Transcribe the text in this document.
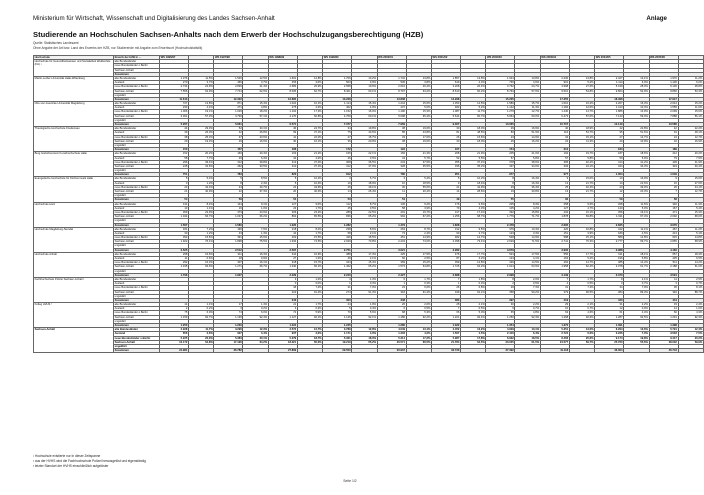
Ministerium für Wirtschaft, Wissenschaft und Digitalisierung des Landes Sachsen-Anhalt	Anlage
Studierende an Hochschulen Sachsen-Anhalts nach dem Erwerb der Hochschulzugangsberechtigung (HZB)
Quelle: Statistisches Landesamt
Ohne Angabe der Art bzw. Land des Erwerbs der HZB, nur Studierende mit Angabe zum Erwerbsort (Hochschulstatistik)
Hochschule	Erwerb der HZB in ...	WS 1996/97		WS 1997/98		WS 1998/99		WS 1999/00		WS 2000/01		WS 2001/02		WS 2002/03		WS 2003/04		WS 2004/05		WS 2005/06	
Hochschule für Gesundheitswesen und Sozialarbeit Weißenfels (FH) ¹	alte Bundesländer																				
	neue Bundesländer o.Berlin																				
	Sachsen-Anhalt																				
	Zusammen																				
Martin-Luther-Universität Halle-Wittenberg	alte Bundesländer	1.376	11,5%	1.546	12,5%	1.601	12,8%	1.706	13,2%	1.742	13,8%	1.857	13,8%	1.944	13,8%	2.230	13,8%	2.427	13,1%	1.970	11,2%
	Ausland	270	3,7%	466	3,7%	456	3,6%	503	3,9%	530	3,8%	619	4,3%	766	4,6%	901	5,2%	1.114	6,0%	1.130	6,0%
	neue Bundesländer o.Berlin	2.734	22,9%	2.836	21,4%	2.683	20,9%	2.658	19,6%	2.616	20,4%	3.208	20,4%	3.762	24,7%	4.998	27,6%	5.199	28,0%	5.136	28,8%
	Sachsen-Anhalt	7.556	62,9%	7.744	62,6%	8.005	62,7%	8.401	63,1%	8.797	63,2%	8.610	60,2%	8.763	57,6%	9.510	54,8%	9.804	52,9%	9.866	53,3%
	ungeklärt																				
	Zusammen	11.613		12.322		12.695		13.228		13.838		14.298		15.235		17.355		18.496		17.917	
Otto-von-Guericke-Universität Magdeburg	alte Bundesländer	727	13,8%	871	15,4%	1.024	16,1%	1.114	15,4%	1.244	15,6%	1.353	14,5%	1.580	15,7%	1.610	16,2%	2.207	16,3%	2.044	15,2%
	Ausland	233	4,4%	271	4,8%	275	4,3%	402	4,9%	437	5,0%	482	5,2%	1.142	11,3%	1.184	12,0%	1.413	10,4%	1.555	11,6%
	neue Bundesländer o.Berlin	1.006	19,1%	1.029	18,2%	1.102	17,3%	1.152	16,0%	1.190	15,3%	1.087	11,7%	1.279	12,7%	1.440	14,7%	1.886	13,9%	2.099	15,6%
	Sachsen-Anhalt	3.301	57,3%	3.790	57,1%	4.170	60,8%	4.709	60,1%	5.098	65,4%	5.644	60,7%	5.964	60,0%	6.473	57,0%	7.143	59,0%	7.888	56,1%
	ungeklärt																				
	Zusammen	5.267		5.661		6.571		7.377		7.969		9.307		10.065		10.707		12.149		13.586	
Theologische Hochschule Friedensau	alte Bundesländer	44	29,3%	52	33,1%	46	24,7%	34	19,8%	38	19,6%	30	18,0%	26	16,9%	40	18,9%	42	22,8%	42	22,2%
	Ausland	39	26,0%	42	26,8%	69	37,1%	75	43,6%	85	43,8%	81	48,5%	80	51,9%	116	54,7%	95	51,6%	91	48,1%
	neue Bundesländer o.Berlin	38	25,3%	37	23,6%	41	22,0%	27	15,7%	33	17,0%	26	15,6%	23	14,9%	32	15,1%	27	14,7%	24	12,7%
	Sachsen-Anhalt	29	19,3%	26	16,6%	30	16,1%	36	20,9%	38	19,6%	30	18,0%	25	16,2%	24	11,3%	20	10,9%	32	16,9%
	ungeklärt																				
	Zusammen	150		157		186		172		194		167		154		212		184		189	
Burg Giebichenstein Kunsthochschule Halle	alte Bundesländer	152	20,2%	160	20,4%	163	21,2%	166	22,1%	166	21,3%	208	21,9%	205	21,0%	192	19,7%	187	18,6%	212	20,2%
	Ausland	58	7,7%	49	6,3%	34	4,3%	26	3,5%	43	5,7%	52	5,5%	57	5,8%	57	5,8%	59	5,9%	79	7,5%
	neue Bundesländer o.Berlin	296	39,4%	312	39,8%	313	37,4%	308	36,5%	243	37,5%	355	37,4%	378	38,6%	395	40,4%	414	41,2%	439	41,9%
	Sachsen-Anhalt	245	32,6%	262	33,5%	310	37,1%	312	37,0%	328	35,5%	336	35,2%	337	34,6%	333	34,1%	344	34,3%	319	30,4%
	ungeklärt																				
	Zusammen	751		783		820		812		780		951		977		977		1.004		1.049	
Evangelische Hochschule für Kirchenmusik Halle	alte Bundesländer	5	5,4%	5	8,5%	5	10,4%	3	5,7%	3	5,4%	5	10,2%	8	16,4%	9	15,0%	10	16,9%	9	15,6%
	Ausland	0	1,2%	8	2,4%	5	10,4%	10	18,9%	10	18,5%	9	18,4%	8	16,4%	13	21,7%	14	22,6%	16	27,6%
	neue Bundesländer o.Berlin	23	42,4%	24	40,7%	24	43,6%	26	49,1%	30	55,6%	21	42,9%	20	36,4%	25	40,4%	23	39,0%	26	44,1%
	Sachsen-Anhalt	21	40,9%	22	37,3%	20	40,0%	14	26,4%	11	20,4%	14	28,6%	19	30,8%	13	21,7%	12	20,3%	7	12,7%
	ungeklärt																				
	Zusammen	54		59		54		53		54		49		55		60		59		58	
Hochschule Harz	alte Bundesländer	131	8,4%	144	9,1%	127	9,6%	112	8,7%	136	9,2%	176	9,6%	205	8,3%	258	9,6%	328	11,6%	346	11,3%
	Ausland	13	1,1%	16	1,0%	23	1,7%	45	3,5%	58	3,9%	79	4,3%	105	4,2%	127	4,7%	140	5,0%	167	5,4%
	neue Bundesländer o.Berlin	369	23,9%	373	23,6%	306	23,2%	289	22,5%	291	19,7%	317	17,4%	392	15,8%	432	16,1%	456	16,1%	471	15,3%
	Sachsen-Anhalt	1.044	66,7%	1.047	66,2%	864	65,5%	836	65,2%	994	67,2%	1.256	68,7%	1.776	71,7%	1.878	69,8%	1.911	67,4%	2.092	68,0%
	ungeklärt																				
	Zusammen	1.567		1.580		1.320		1.282		1.479		1.828		2.478		2.695		2.835		3.076	
Hochschule Magdeburg-Stendal	alte Bundesländer	181	7,2%	190	7,6%	218	8,4%	238	8,6%	263	8,7%	312	9,5%	379	10,3%	420	10,8%	442	11,1%	467	11,2%
	Ausland	30	1,2%	33	1,3%	44	1,7%	58	2,1%	73	2,4%	90	2,7%	123	3,3%	151	3,9%	180	4,5%	213	5,1%
	neue Bundesländer o.Berlin	392	15,6%	391	15,6%	402	15,5%	426	15,5%	451	14,9%	482	14,7%	548	14,9%	588	15,1%	589	14,8%	615	14,8%
	Sachsen-Anhalt	1.922	76,1%	1.898	75,5%	1.933	74,5%	2.029	73,8%	2.234	74,0%	2.398	73,1%	2.629	71,5%	2.741	70,3%	2.777	69,7%	2.865	68,9%
	ungeklärt																				
	Zusammen	2.525		2.512		2.597		2.751		3.021		3.282		3.679		3.900		3.988		4.160	
Hochschule Anhalt	alte Bundesländer	298	16,6%	311	16,3%	344	16,9%	388	17,3%	425	17,5%	476	17,7%	524	17,5%	556	17,7%	611	18,1%	657	18,3%
	Ausland	11	0,6%	18	0,9%	27	1,3%	46	2,1%	60	2,5%	87	3,2%	124	4,1%	163	5,2%	196	5,8%	235	6,5%
	neue Bundesländer o.Berlin	292	16,3%	307	16,1%	318	15,7%	344	15,4%	369	15,2%	399	14,8%	436	14,5%	462	14,7%	485	14,4%	511	14,2%
	Sachsen-Anhalt	1.195	66,6%	1.271	66,7%	1.340	66,1%	1.462	65,2%	1.573	64,8%	1.726	64,2%	1.914	63,9%	1.958	62,4%	2.078	61,7%	2.188	61,0%
	ungeklärt																				
	Zusammen	1.796		1.907		2.029		2.240		2.427		2.688		2.998		3.139		3.370		3.591	
Fachhochschule Polizei Sachsen-Anhalt ²	alte Bundesländer					3	1,2%	4	1,3%	6	1,7%	7	1,8%	8	2,0%	7	1,7%	9	2,1%	11	2,5%
	Ausland					0	0,0%	1	0,3%	1	0,3%	1	0,3%	2	0,5%	2	0,5%	3	0,7%	3	0,7%
	neue Bundesländer o.Berlin					18	7,4%	21	7,0%	23	6,6%	26	6,8%	29	7,3%	31	7,4%	34	7,9%	36	8,1%
	Sachsen-Anhalt					222	91,4%	274	91,3%	318	91,4%	349	91,1%	358	90,2%	379	90,5%	384	89,3%	394	88,7%
	ungeklärt																				
	Zusammen					243		300		348		383		397		419		430		444	
Kolleg HVHS ³	alte Bundesländer	14	1,1%	17	1,4%	21	1,7%	24	1,9%	26	2,0%	28	2,1%	30	2,2%	29	2,1%	31	2,2%	33	2,4%
	Ausland	2	0,2%	3	0,2%	4	0,3%	5	0,4%	6	0,5%	7	0,5%	9	0,7%	10	0,7%	12	0,9%	14	1,0%
	neue Bundesländer o.Berlin	75	6,0%	74	6,0%	72	5,9%	70	5,6%	68	5,3%	66	5,0%	65	4,8%	63	4,6%	61	4,4%	60	4,3%
	Sachsen-Anhalt	1.159	92,7%	1.136	92,4%	1.127	92,1%	1.146	92,1%	1.180	92,2%	1.221	92,4%	1.250	92,3%	1.268	92,6%	1.287	92,5%	1.291	92,3%
	ungeklärt																				
	Zusammen	1.250		1.230		1.224		1.245		1.280		1.322		1.354		1.370		1.391		1.398	
Sachsen-Anhalt	alte Bundesländer	2.928	11,7%	3.296	12,3%	3.572	12,7%	3.789	12,8%	4.049	13,1%	4.452	13,2%	4.909	13,1%	5.351	13,0%	6.294	13,6%	5.791	12,4%
	Ausland	656	2,6%	907	3,4%	937	3,3%	1.171	4,0%	1.303	4,2%	1.507	4,5%	2.416	6,4%	2.724	6,6%	3.226	7,0%	3.503	7,5%
	neue Bundesländer o.Berlin	5.225	20,9%	5.383	20,1%	5.279	18,7%	5.321	18,0%	5.314	17,2%	5.987	17,8%	6.932	18,5%	8.466	20,6%	9.174	19,8%	9.417	20,2%
	Sachsen-Anhalt	16.172	64,8%	17.196	64,2%	18.021	65,0%	19.219	65,2%	20.571	66,5%	21.784	64,5%	23.035	61,5%	24.577	59,7%	25.760	55,6%	28.032	59,9%
	ungeklärt																				
	Zusammen	24.981		26.782		27.809		29.500		30.937		33.730		37.392		41.118		46.304		46.743	
¹ Hochschule existierte nur in dieser Zeitspanne
² aus der HVHS wird die Fachhochschule Polizei herausgelöst und eigenständig
³ letzter Standort der HVHS einschließlich aufgelöster
Seite 1/2
